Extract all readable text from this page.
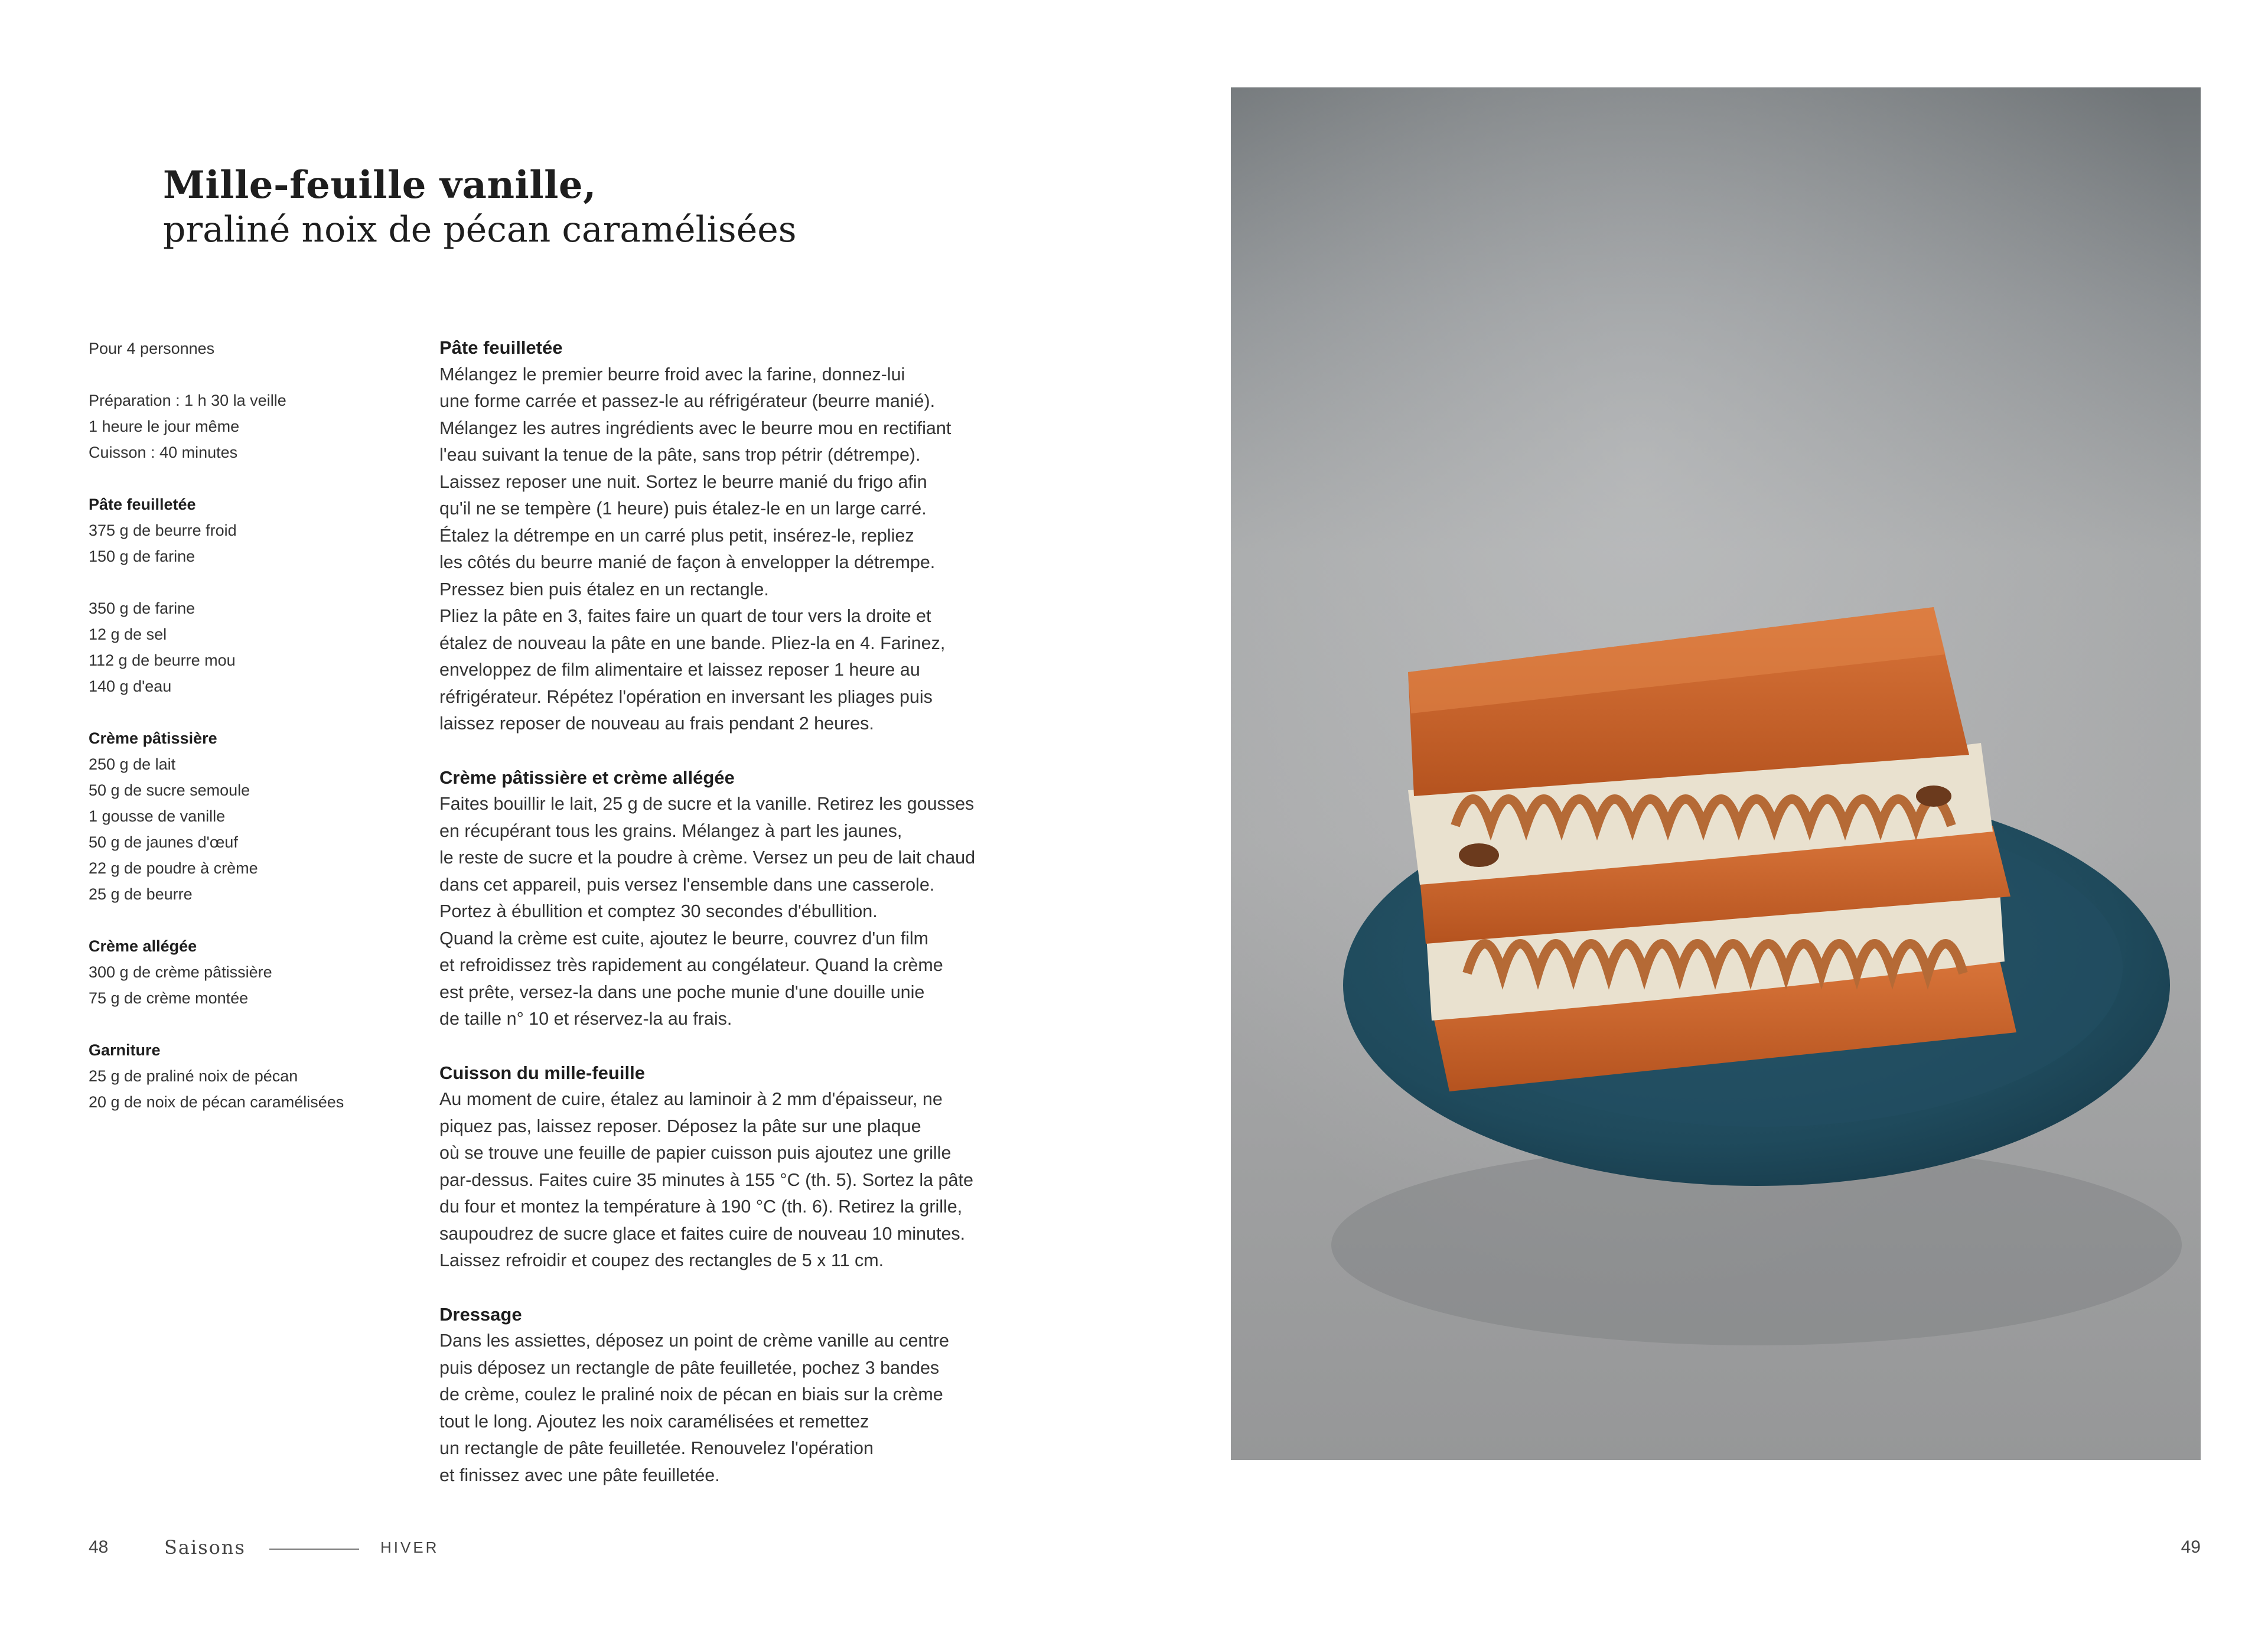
Mille-feuille vanille,
praliné noix de pécan caramélisées

Pour 4 personnes

Préparation : 1 h 30 la veille

1 heure le jour même

Cuisson : 40 minutes

Pâte feuilletée

375 g de beurre froid

150 g de farine

350 g de farine

12 g de sel

112 g de beurre mou

140 g d'eau

Crème pâtissière

250 g de lait

50 g de sucre semoule

1 gousse de vanille

50 g de jaunes d'œuf

22 g de poudre à crème

25 g de beurre

Crème allégée

300 g de crème pâtissière

75 g de crème montée

Garniture

25 g de praliné noix de pécan

20 g de noix de pécan caramélisées

Pâte feuilletée

Mélangez le premier beurre froid avec la farine, donnez-lui
une forme carrée et passez-le au réfrigérateur (beurre manié).
Mélangez les autres ingrédients avec le beurre mou en rectifiant
l'eau suivant la tenue de la pâte, sans trop pétrir (détrempe).
Laissez reposer une nuit. Sortez le beurre manié du frigo afin
qu'il ne se tempère (1 heure) puis étalez-le en un large carré.
Étalez la détrempe en un carré plus petit, insérez-le, repliez
les côtés du beurre manié de façon à envelopper la détrempe.
Pressez bien puis étalez en un rectangle.
Pliez la pâte en 3, faites faire un quart de tour vers la droite et
étalez de nouveau la pâte en une bande. Pliez-la en 4. Farinez,
enveloppez de film alimentaire et laissez reposer 1 heure au
réfrigérateur. Répétez l'opération en inversant les pliages puis
laissez reposer de nouveau au frais pendant 2 heures.

Crème pâtissière et crème allégée

Faites bouillir le lait, 25 g de sucre et la vanille. Retirez les gousses
en récupérant tous les grains. Mélangez à part les jaunes,
le reste de sucre et la poudre à crème. Versez un peu de lait chaud
dans cet appareil, puis versez l'ensemble dans une casserole.
Portez à ébullition et comptez 30 secondes d'ébullition.
Quand la crème est cuite, ajoutez le beurre, couvrez d'un film
et refroidissez très rapidement au congélateur. Quand la crème
est prête, versez-la dans une poche munie d'une douille unie
de taille n° 10 et réservez-la au frais.

Cuisson du mille-feuille

Au moment de cuire, étalez au laminoir à 2 mm d'épaisseur, ne
piquez pas, laissez reposer. Déposez la pâte sur une plaque
où se trouve une feuille de papier cuisson puis ajoutez une grille
par-dessus. Faites cuire 35 minutes à 155 °C (th. 5). Sortez la pâte
du four et montez la température à 190 °C (th. 6). Retirez la grille,
saupoudrez de sucre glace et faites cuire de nouveau 10 minutes.
Laissez refroidir et coupez des rectangles de 5 x 11 cm.

Dressage

Dans les assiettes, déposez un point de crème vanille au centre
puis déposez un rectangle de pâte feuilletée, pochez 3 bandes
de crème, coulez le praliné noix de pécan en biais sur la crème
tout le long. Ajoutez les noix caramélisées et remettez
un rectangle de pâte feuilletée. Renouvelez l'opération
et finissez avec une pâte feuilletée.

48	Saisons	HIVER	49
